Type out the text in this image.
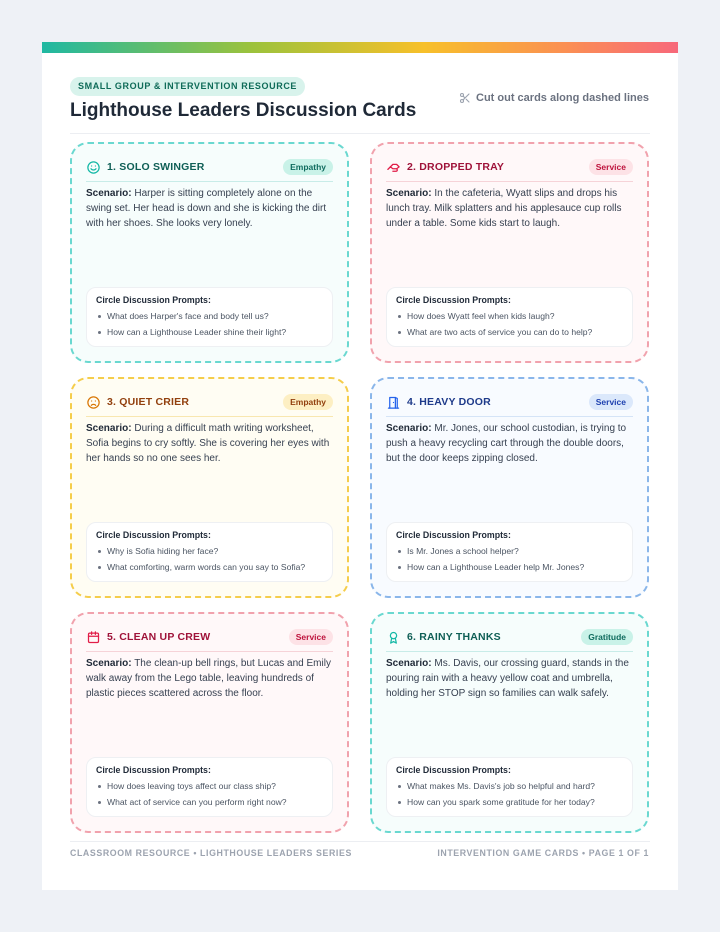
SMALL GROUP & INTERVENTION RESOURCE
Lighthouse Leaders Discussion Cards
Cut out cards along dashed lines
1. SOLO SWINGER	Empathy
Scenario: Harper is sitting completely alone on the swing set. Her head is down and she is kicking the dirt with her shoes. She looks very lonely.
Circle Discussion Prompts:
What does Harper's face and body tell us?
How can a Lighthouse Leader shine their light?
2. DROPPED TRAY	Service
Scenario: In the cafeteria, Wyatt slips and drops his lunch tray. Milk splatters and his applesauce cup rolls under a table. Some kids start to laugh.
Circle Discussion Prompts:
How does Wyatt feel when kids laugh?
What are two acts of service you can do to help?
3. QUIET CRIER	Empathy
Scenario: During a difficult math writing worksheet, Sofia begins to cry softly. She is covering her eyes with her hands so no one sees her.
Circle Discussion Prompts:
Why is Sofia hiding her face?
What comforting, warm words can you say to Sofia?
4. HEAVY DOOR	Service
Scenario: Mr. Jones, our school custodian, is trying to push a heavy recycling cart through the double doors, but the door keeps zipping closed.
Circle Discussion Prompts:
Is Mr. Jones a school helper?
How can a Lighthouse Leader help Mr. Jones?
5. CLEAN UP CREW	Service
Scenario: The clean-up bell rings, but Lucas and Emily walk away from the Lego table, leaving hundreds of plastic pieces scattered across the floor.
Circle Discussion Prompts:
How does leaving toys affect our class ship?
What act of service can you perform right now?
6. RAINY THANKS	Gratitude
Scenario: Ms. Davis, our crossing guard, stands in the pouring rain with a heavy yellow coat and umbrella, holding her STOP sign so families can walk safely.
Circle Discussion Prompts:
What makes Ms. Davis's job so helpful and hard?
How can you spark some gratitude for her today?
CLASSROOM RESOURCE • LIGHTHOUSE LEADERS SERIES	INTERVENTION GAME CARDS • PAGE 1 OF 1
